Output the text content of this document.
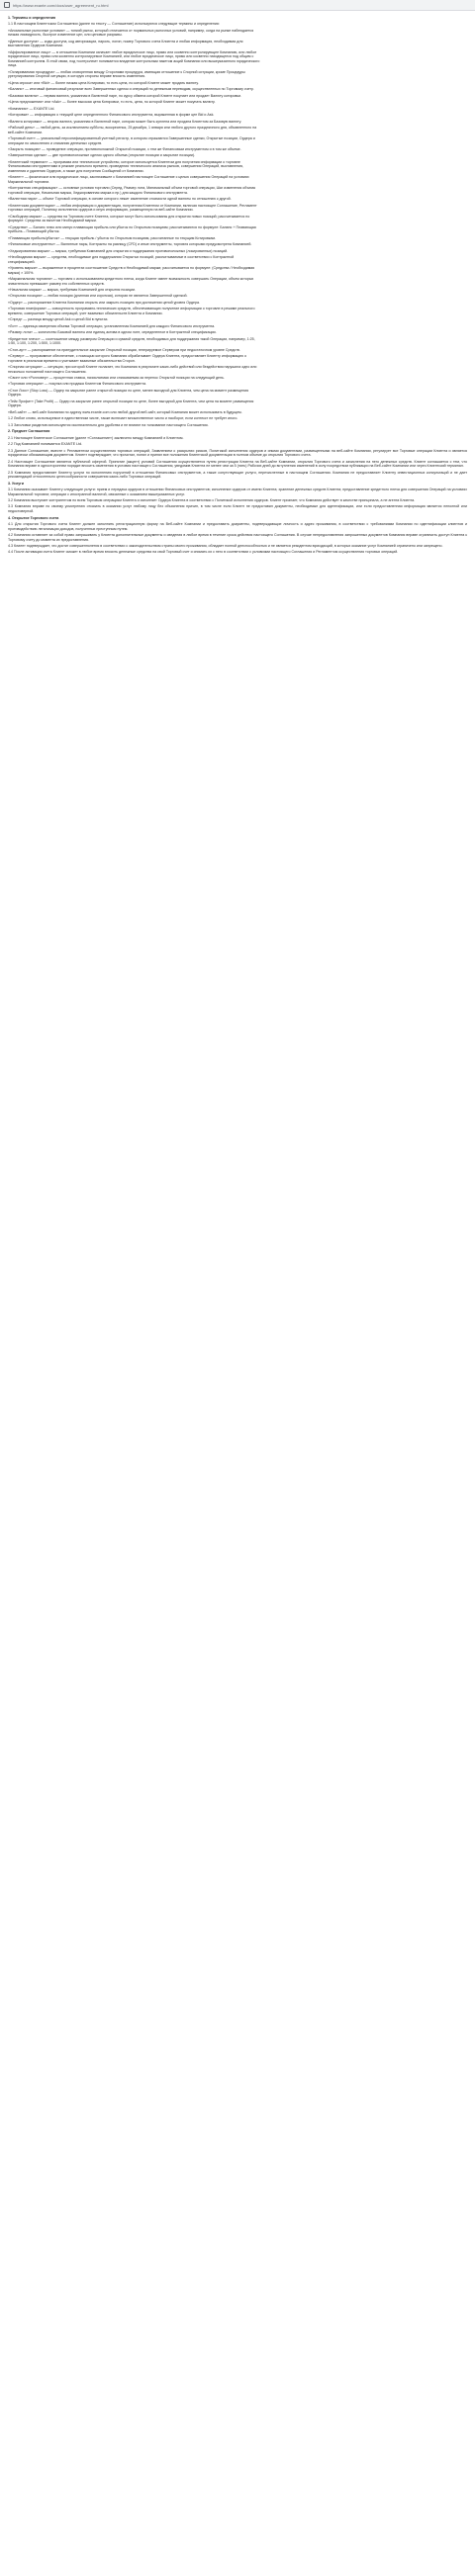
https://www.exante.com/docs/user_agreement_ru.html

1. Термины и определения

1.1 В настоящем Клиентском Соглашении (далее по тексту — Соглашение) используются следующие термины и определения:

«Аномальные рыночные условия» — тонкий рынок, который отличается от нормальных рыночных условий, например, когда на рынке наблюдается низкая ликвидность, быстрое изменение цен, или ценовые разрывы.

«Данные доступа» — коды доступа, код авторизации, пароль, логин, номер Торгового счета Клиента и любая информация, необходимая для выставления Ордеров Компании.

«Аффилированное лицо» — в отношении Компании означает любое юридическое лицо, прямо или косвенно контролирующее Компанию, или любое юридическое лицо, прямо или косвенно контролируемое Компанией, или любое юридическое лицо, прямо или косвенно находящееся под общим с Компанией контролем. В этой связи, под «контролем» понимается владение контрольным пакетом акций Компании или вышеуказанного юридического лица.

«Оспариваемая процедура» — любая оговоренная между Сторонами процедура, имеющая отношение к Спорной ситуации, кроме Процедуры урегулирования Спорной ситуации, в которую стороны вправе вносить изменения.

«Цена спроса» или «Bid» — более низкая цена Котировки, то есть цена, по которой Клиент может продать валюту.

«Баланс» — итоговый финансовый результат всех Завершенных сделок и операций по денежным переводам, осуществленных по Торговому счету.

«Базовая валюта» — первая валюта, указанная в Валютной паре, по курсу обмена которой Клиент покупает или продает Валюту котировки.

«Цена предложения» или «Ask» — более высокая цена Котировки, то есть, цена, по которой Клиент может покупать валюту.

«Компания» — EXANTE Ltd.

«Котировки» — информация о текущей цене определенного Финансового инструмента, выраженная в форме цен Bid и Ask.

«Валюта котировки» — вторая валюта, указанная в Валютной паре, которая может быть куплена или продана Клиентом за Базовую валюту.

«Рабочий день» — любой день, за исключением субботы, воскресенья, 25 декабря, 1 января или любого другого праздничного дня, объявленного на веб-сайте Компании.

«Торговый счет» — уникальный персонифицированный учетный регистр, в котором отражаются Завершенные сделки, Открытые позиции, Ордера и операции по зачислению и списанию денежных средств.

«Закрыть позицию» — проведение операции, противоположной Открытой позиции, с тем же Финансовым инструментом и в том же объеме.

«Завершенная сделка» — две противоположные сделки одного объема (открытие позиции и закрытие позиции).

«Клиентский терминал» — программа или техническое устройство, которое используется Клиентом для получения информации о торговле Финансовыми инструментами в режиме реального времени, проведения технического анализа рынков, совершения Операций, выставления, изменения и удаления Ордеров, а также для получения Сообщений от Компании.

«Клиент» — физическое или юридическое лицо, заключившее с Компанией настоящее Соглашение с целью совершения Операций на условиях Маржинальной торговли.

«Контрактная спецификация» — основные условия торговли (Спред, Размер лота, Минимальный объем торговой операции, Шаг изменения объема торговой операции, Начальная маржа, Хеджированная маржа и пр.) для каждого Финансового инструмента.

«Валютная пара» — объект Торговой операции, в основе которого лежит изменение стоимости одной валюты по отношению к другой.

«Клиентская документация» — любая информация и документация, полученная Клиентом от Компании, включая настоящее Соглашение, Регламент торговых операций, Политику исполнения ордеров и иную информацию, размещенную на веб-сайте Компании.

«Свободная маржа» — средства на Торговом счете Клиента, которые могут быть использованы для открытия новых позиций; рассчитывается по формуле: Средства за вычетом Необходимой маржи.

«Средства» — Баланс плюс или минус плавающая прибыль или убыток по Открытым позициям; рассчитываются по формуле: Баланс + Плавающая прибыль – Плавающий убыток.

«Плавающая прибыль/убыток» — текущая прибыль / убыток по Открытым позициям, рассчитанные по текущим Котировкам.

«Финансовые инструменты» — Валютные пары, Контракты на разницу (CFD) и иные инструменты, торговля которыми предусмотрена Компанией.

«Хеджированная маржа» — маржа, требуемая Компанией для открытия и поддержания противоположных (локированных) позиций.

«Необходимая маржа» — средства, необходимые для поддержания Открытых позиций, рассчитываемые в соответствии с Контрактной спецификацией.

«Уровень маржи» — выраженное в процентах соотношение Средств и Необходимой маржи; рассчитывается по формуле: (Средства / Необходимая маржа) × 100%.

«Маржинальная торговля» — торговля с использованием кредитного плеча, когда Клиент имеет возможность совершать Операции, объем которых значительно превышает размер его собственных средств.

«Начальная маржа» — маржа, требуемая Компанией для открытия позиции.

«Открытая позиция» — любая позиция (длинная или короткая), которая не является Завершенной сделкой.

«Ордер» — распоряжение Клиента Компании открыть или закрыть позицию при достижении ценой уровня Ордера.

«Торговая платформа» — совокупность программно-технических средств, обеспечивающих получение информации о торговле в режиме реального времени, совершение Торговых операций, учет взаимных обязательств Клиента и Компании.

«Спред» — разница между ценой Ask и ценой Bid в пунктах.

«Лот» — единица измерения объема Торговой операции, установленная Компанией для каждого Финансового инструмента.

«Размер лота» — количество Базовой валюты или единиц актива в одном лоте, определенное в Контрактной спецификации.

«Кредитное плечо» — соотношение между размером Операции и суммой средств, необходимых для поддержания такой Операции, например, 1:25, 1:50, 1:100, 1:200, 1:500, 1:1000.

«Стоп-аут» — распоряжение на принудительное закрытие Открытой позиции, генерируемое Сервером при недостаточном уровне Средств.

«Сервер» — программное обеспечение, с помощью которого Компания обрабатывает Ордера Клиента, предоставляет Клиенту информацию о торговле в реальном времени и учитывает взаимные обязательства Сторон.

«Спорная ситуация» — ситуация, при которой Клиент полагает, что Компания в результате каких-либо действий или бездействия нарушила одно или несколько положений настоящего Соглашения.

«Своп» или «Ролловер» — процентная ставка, начисляемая или списываемая за перенос Открытой позиции на следующий день.

«Торговая операция» — покупка или продажа Клиентом Финансового инструмента.

«Стоп Лосс» (Stop Loss) — Ордер на закрытие ранее открытой позиции по цене, менее выгодной для Клиента, чем цена на момент размещения Ордера.

«Тейк Профит» (Take Profit) — Ордер на закрытие ранее открытой позиции по цене, более выгодной для Клиента, чем цена на момент размещения Ордера.

«Веб-сайт» — веб-сайт Компании по адресу www.exante.com или любой другой веб-сайт, который Компания может использовать в будущем.

1.2 Любое слово, используемое в единственном числе, также включает множественное число и наоборот, если контекст не требует иного.

1.3 Заголовки разделов используются исключительно для удобства и не влияют на толкование настоящего Соглашения.

2. Предмет Соглашения

2.1 Настоящее Клиентское Соглашение (далее «Соглашение») заключено между Компанией и Клиентом.

2.2 Под Компанией понимается EXANTE Ltd.

2.3 Данное Соглашение, вместе с Регламентом осуществления торговых операций, Заявлением о раскрытии рисков, Политикой исполнения ордеров и иными документами, размещенными на веб-сайте Компании, регулирует все Торговые операции Клиента и является юридически обязывающим документом. Клиент подтверждает, что прочитал, понял и принял все положения Клиентской документации в полном объеме до открытия Торгового счета.

2.4 Настоящее Соглашение является публичной офертой. Принятие (акцепт) условий Соглашения осуществляется путем регистрации Клиента на Веб-сайте Компании, открытия Торгового счета и зачисления на него денежных средств. Клиент соглашается с тем, что Компания вправе в одностороннем порядке вносить изменения в условия настоящего Соглашения, уведомив Клиента не менее чем за 5 (пять) Рабочих дней до вступления изменений в силу посредством публикации на Веб-сайте Компании или через Клиентский терминал.

2.5 Компания предоставляет Клиенту услуги по исполнению поручений в отношении Финансовых инструментов, а также сопутствующие услуги, перечисленные в настоящем Соглашении. Компания не предоставляет Клиенту инвестиционных консультаций и не дает рекомендаций относительно целесообразности совершения каких-либо Торговых операций.

3. Услуги

3.1 Компания оказывает Клиенту следующие услуги: прием и передача ордеров в отношении Финансовых инструментов; исполнение ордеров от имени Клиента; хранение денежных средств Клиента; предоставление кредитного плеча для совершения Операций на условиях Маржинальной торговли; операции с иностранной валютой, связанные с оказанием вышеуказанных услуг.

3.2 Компания выступает контрагентом по всем Торговым операциям Клиента и исполняет Ордера Клиента в соответствии с Политикой исполнения ордеров. Клиент признает, что Компания действует в качестве принципала, а не агента Клиента.

3.3 Компания вправе по своему усмотрению отказать в оказании услуг любому лицу без объяснения причин, в том числе если Клиент не предоставил документы, необходимые для идентификации, или если предоставленная информация является неполной или недостоверной.

4. Открытие Торгового счета

4.1 Для открытия Торгового счета Клиент должен заполнить регистрационную форму на Веб-сайте Компании и предоставить документы, подтверждающие личность и адрес проживания, в соответствии с требованиями Компании по идентификации клиентов и противодействию легализации доходов, полученных преступным путем.

4.2 Компания оставляет за собой право запрашивать у Клиента дополнительные документы и сведения в любое время в течение срока действия настоящего Соглашения. В случае непредоставления запрошенных документов Компания вправе ограничить доступ Клиента к Торговому счету до момента их предоставления.

4.3 Клиент подтверждает, что достиг совершеннолетия в соответствии с законодательством страны своего проживания, обладает полной дееспособностью и не является резидентом юрисдикций, в которых оказание услуг Компанией ограничено или запрещено.

4.4 После активации счета Клиент сможет в любое время вносить денежные средства на свой Торговый счет и снимать их с него в соответствии с условиями настоящего Соглашения и Регламентом осуществления торговых операций.
